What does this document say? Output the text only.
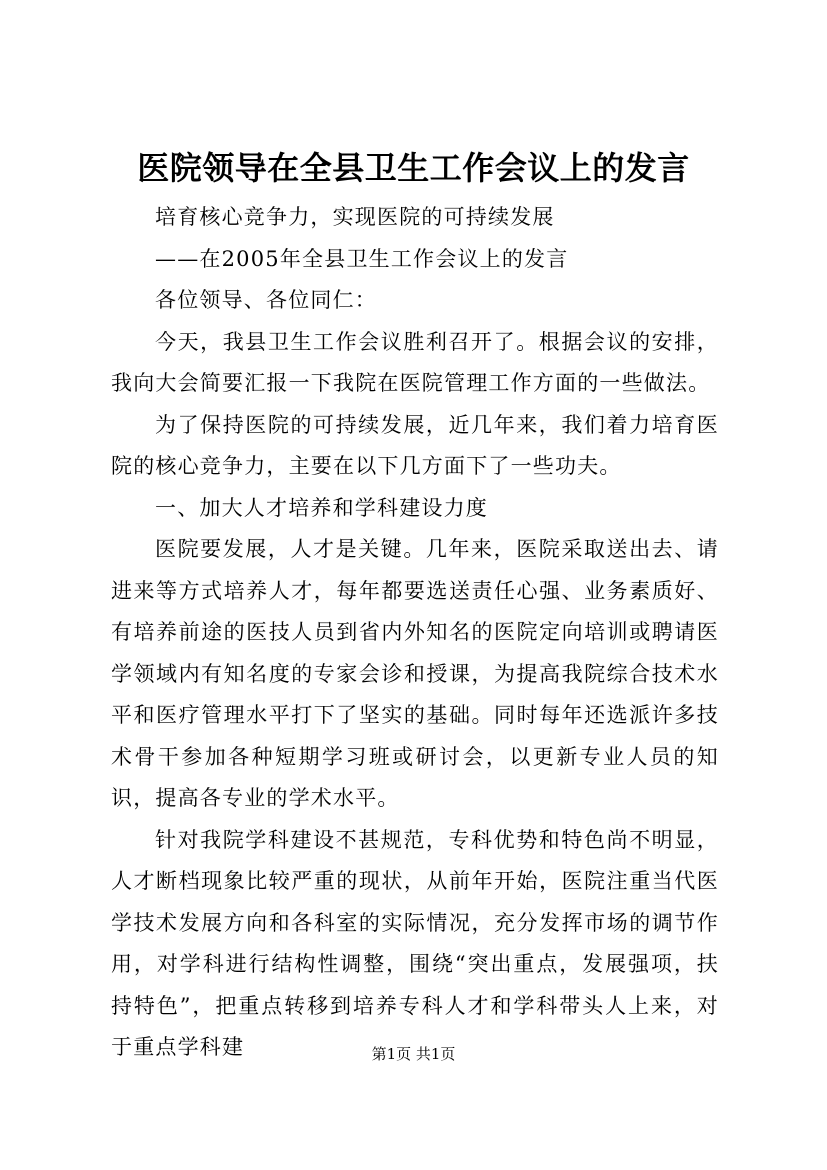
医院领导在全县卫生工作会议上的发言

培育核心竞争力，实现医院的可持续发展

——在2005年全县卫生工作会议上的发言

各位领导、各位同仁：

今天，我县卫生工作会议胜利召开了。根据会议的安排，我向大会简要汇报一下我院在医院管理工作方面的一些做法。

为了保持医院的可持续发展，近几年来，我们着力培育医院的核心竞争力，主要在以下几方面下了一些功夫。

一、加大人才培养和学科建设力度

医院要发展，人才是关键。几年来，医院采取送出去、请进来等方式培养人才，每年都要选送责任心强、业务素质好、有培养前途的医技人员到省内外知名的医院定向培训或聘请医学领域内有知名度的专家会诊和授课，为提高我院综合技术水平和医疗管理水平打下了坚实的基础。同时每年还选派许多技术骨干参加各种短期学习班或研讨会，以更新专业人员的知识，提高各专业的学术水平。

针对我院学科建设不甚规范，专科优势和特色尚不明显，人才断档现象比较严重的现状，从前年开始，医院注重当代医学技术发展方向和各科室的实际情况，充分发挥市场的调节作用，对学科进行结构性调整，围绕“突出重点，发展强项，扶持特色”，把重点转移到培养专科人才和学科带头人上来，对于重点学科建	第1页 共1页
